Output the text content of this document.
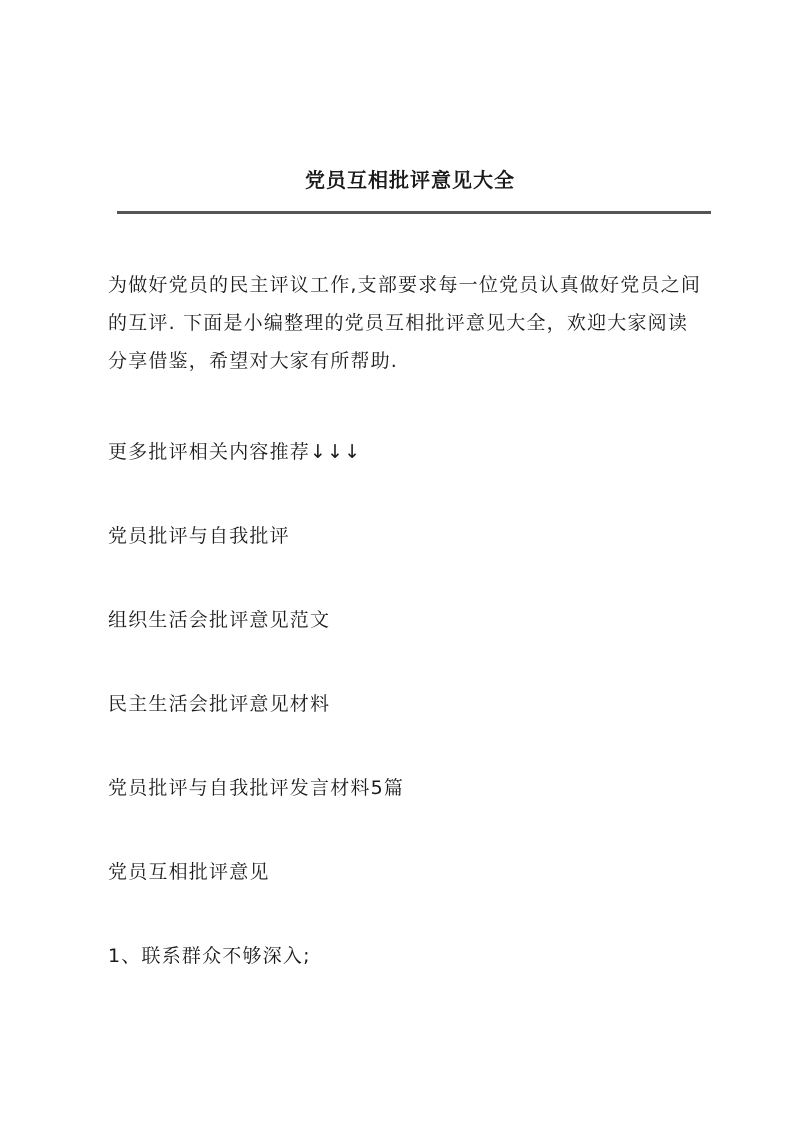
党员互相批评意见大全
为做好党员的民主评议工作,支部要求每一位党员认真做好党员之间的互评. 下面是小编整理的党员互相批评意见大全，欢迎大家阅读分享借鉴，希望对大家有所帮助.
更多批评相关内容推荐↓↓↓
党员批评与自我批评
组织生活会批评意见范文
民主生活会批评意见材料
党员批评与自我批评发言材料5篇
党员互相批评意见
1、联系群众不够深入;
